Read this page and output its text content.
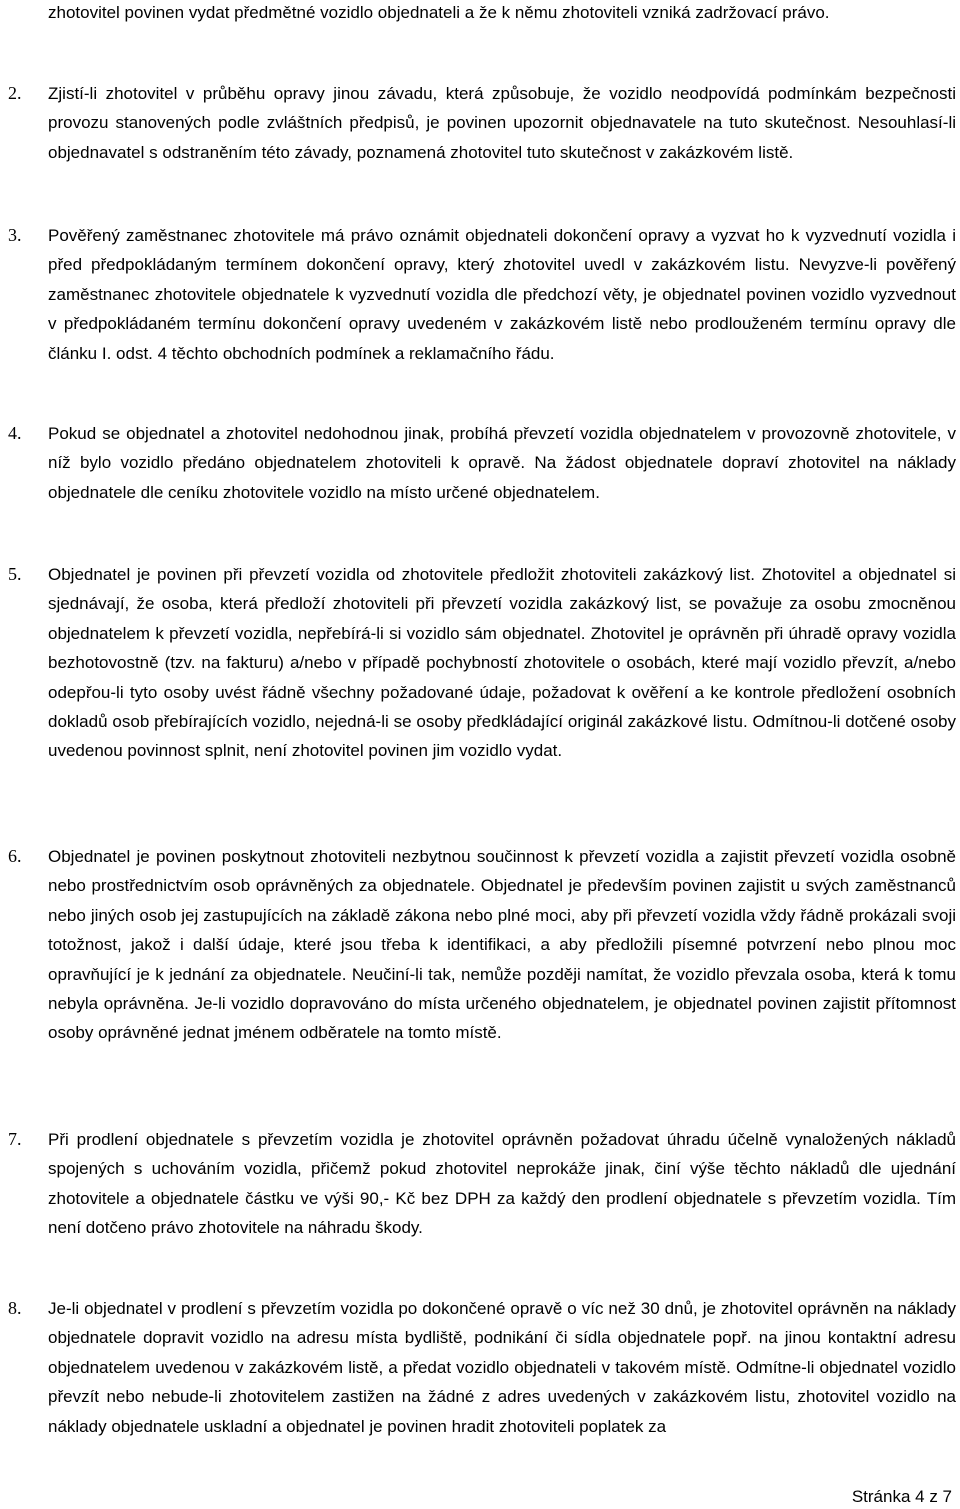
zhotovitel povinen vydat předmětné vozidlo objednateli a že k němu zhotoviteli vzniká zadržovací právo.
2. Zjistí-li zhotovitel v průběhu opravy jinou závadu, která způsobuje, že vozidlo neodpovídá podmínkám bezpečnosti provozu stanovených podle zvláštních předpisů, je povinen upozornit objednavatele na tuto skutečnost. Nesouhlasí-li objednavatel s odstraněním této závady, poznamená zhotovitel tuto skutečnost v zakázkovém listě.
3. Pověřený zaměstnanec zhotovitele má právo oznámit objednateli dokončení opravy a vyzvat ho k vyzvednutí vozidla i před předpokládaným termínem dokončení opravy, který zhotovitel uvedl v zakázkovém listu. Nevyzve-li pověřený zaměstnanec zhotovitele objednatele k vyzvednutí vozidla dle předchozí věty, je objednatel povinen vozidlo vyzvednout v předpokládaném termínu dokončení opravy uvedeném v zakázkovém listě nebo prodlouženém termínu opravy dle článku I. odst. 4 těchto obchodních podmínek a reklamačního řádu.
4. Pokud se objednatel a zhotovitel nedohodnou jinak, probíhá převzetí vozidla objednatelem v provozovně zhotovitele, v níž bylo vozidlo předáno objednatelem zhotoviteli k opravě. Na žádost objednatele dopraví zhotovitel na náklady objednatele dle ceníku zhotovitele vozidlo na místo určené objednatelem.
5. Objednatel je povinen při převzetí vozidla od zhotovitele předložit zhotoviteli zakázkový list. Zhotovitel a objednatel si sjednávají, že osoba, která předloží zhotoviteli při převzetí vozidla zakázkový list, se považuje za osobu zmocněnou objednatelem k převzetí vozidla, nepřebírá-li si vozidlo sám objednatel. Zhotovitel je oprávněn při úhradě opravy vozidla bezhotovostně (tzv. na fakturu) a/nebo v případě pochybností zhotovitele o osobách, které mají vozidlo převzít, a/nebo odepřou-li tyto osoby uvést řádně všechny požadované údaje, požadovat k ověření a ke kontrole předložení osobních dokladů osob přebírajících vozidlo, nejedná-li se osoby předkládající originál zakázkové listu. Odmítnou-li dotčené osoby uvedenou povinnost splnit, není zhotovitel povinen jim vozidlo vydat.
6. Objednatel je povinen poskytnout zhotoviteli nezbytnou součinnost k převzetí vozidla a zajistit převzetí vozidla osobně nebo prostřednictvím osob oprávněných za objednatele. Objednatel je především povinen zajistit u svých zaměstnanců nebo jiných osob jej zastupujících na základě zákona nebo plné moci, aby při převzetí vozidla vždy řádně prokázali svoji totožnost, jakož i další údaje, které jsou třeba k identifikaci, a aby předložili písemné potvrzení nebo plnou moc opravňující je k jednání za objednatele. Neučiní-li tak, nemůže později namítat, že vozidlo převzala osoba, která k tomu nebyla oprávněna. Je-li vozidlo dopravováno do místa určeného objednatelem, je objednatel povinen zajistit přítomnost osoby oprávněné jednat jménem odběratele na tomto místě.
7. Při prodlení objednatele s převzetím vozidla je zhotovitel oprávněn požadovat úhradu účelně vynaložených nákladů spojených s uchováním vozidla, přičemž pokud zhotovitel neprokáže jinak, činí výše těchto nákladů dle ujednání zhotovitele a objednatele částku ve výši 90,- Kč bez DPH za každý den prodlení objednatele s převzetím vozidla. Tím není dotčeno právo zhotovitele na náhradu škody.
8. Je-li objednatel v prodlení s převzetím vozidla po dokončené opravě o víc než 30 dnů, je zhotovitel oprávněn na náklady objednatele dopravit vozidlo na adresu místa bydliště, podnikání či sídla objednatele popř. na jinou kontaktní adresu objednatelem uvedenou v zakázkovém listě, a předat vozidlo objednateli v takovém místě. Odmítne-li objednatel vozidlo převzít nebo nebude-li zhotovitelem zastižen na žádné z adres uvedených v zakázkovém listu, zhotovitel vozidlo na náklady objednatele uskladní a objednatel je povinen hradit zhotoviteli poplatek za
Stránka 4 z 7
